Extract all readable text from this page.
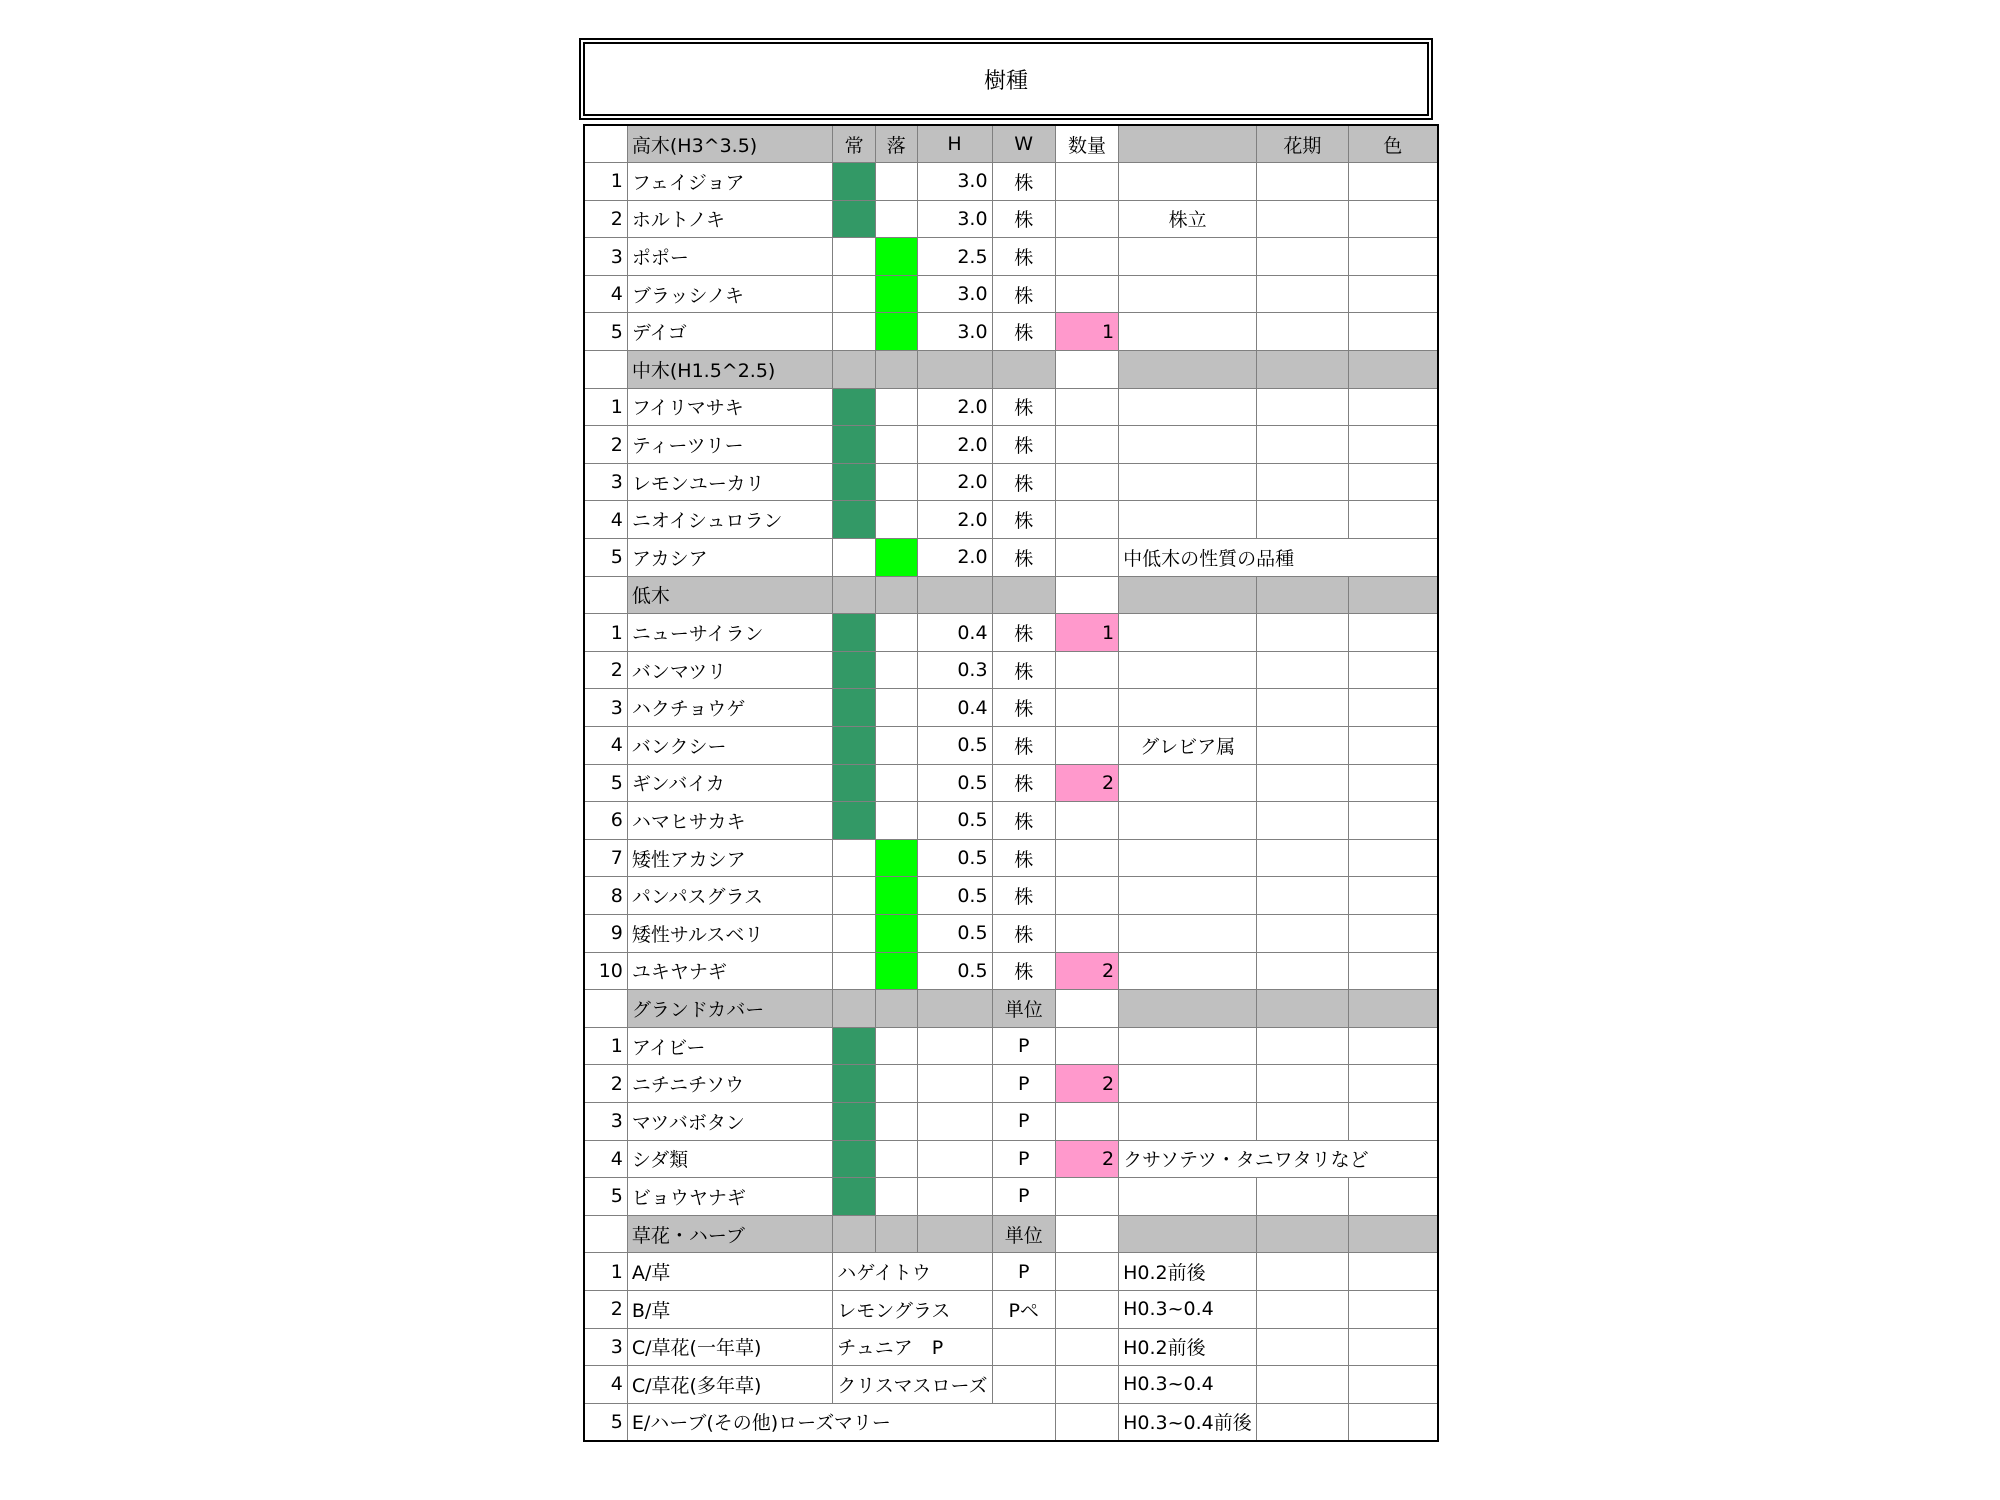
樹種
	高木(H3^3.5)	常	落	H	W	数量		花期	色
1	フェイジョア			3.0	株				
2	ホルトノキ			3.0	株		株立		
3	ポポー			2.5	株				
4	ブラッシノキ			3.0	株				
5	デイゴ			3.0	株	1			
	中木(H1.5^2.5)								
1	フイリマサキ			2.0	株				
2	ティーツリー			2.0	株				
3	レモンユーカリ			2.0	株				
4	ニオイシュロラン			2.0	株				
5	アカシア			2.0	株		中低木の性質の品種		
	低木								
1	ニューサイラン			0.4	株	1			
2	バンマツリ			0.3	株				
3	ハクチョウゲ			0.4	株				
4	バンクシー			0.5	株		グレビア属		
5	ギンバイカ			0.5	株	2			
6	ハマヒサカキ			0.5	株				
7	矮性アカシア			0.5	株				
8	パンパスグラス			0.5	株				
9	矮性サルスベリ			0.5	株				
10	ユキヤナギ			0.5	株	2			
	グランドカバー				単位				
1	アイビー				P				
2	ニチニチソウ				P	2			
3	マツバボタン				P				
4	シダ類				P	2	クサソテツ・タニワタリなど		
5	ビョウヤナギ				P				
	草花・ハーブ				単位				
1	A/草	ハゲイトウ			P		H0.2前後		
2	B/草	レモングラス			Pペ		H0.3~0.4		
3	C/草花(一年草)	チュニア　P					H0.2前後		
4	C/草花(多年草)	クリスマスローズ					H0.3~0.4		
5	E/ハーブ(その他)ローズマリー						H0.3~0.4前後		
